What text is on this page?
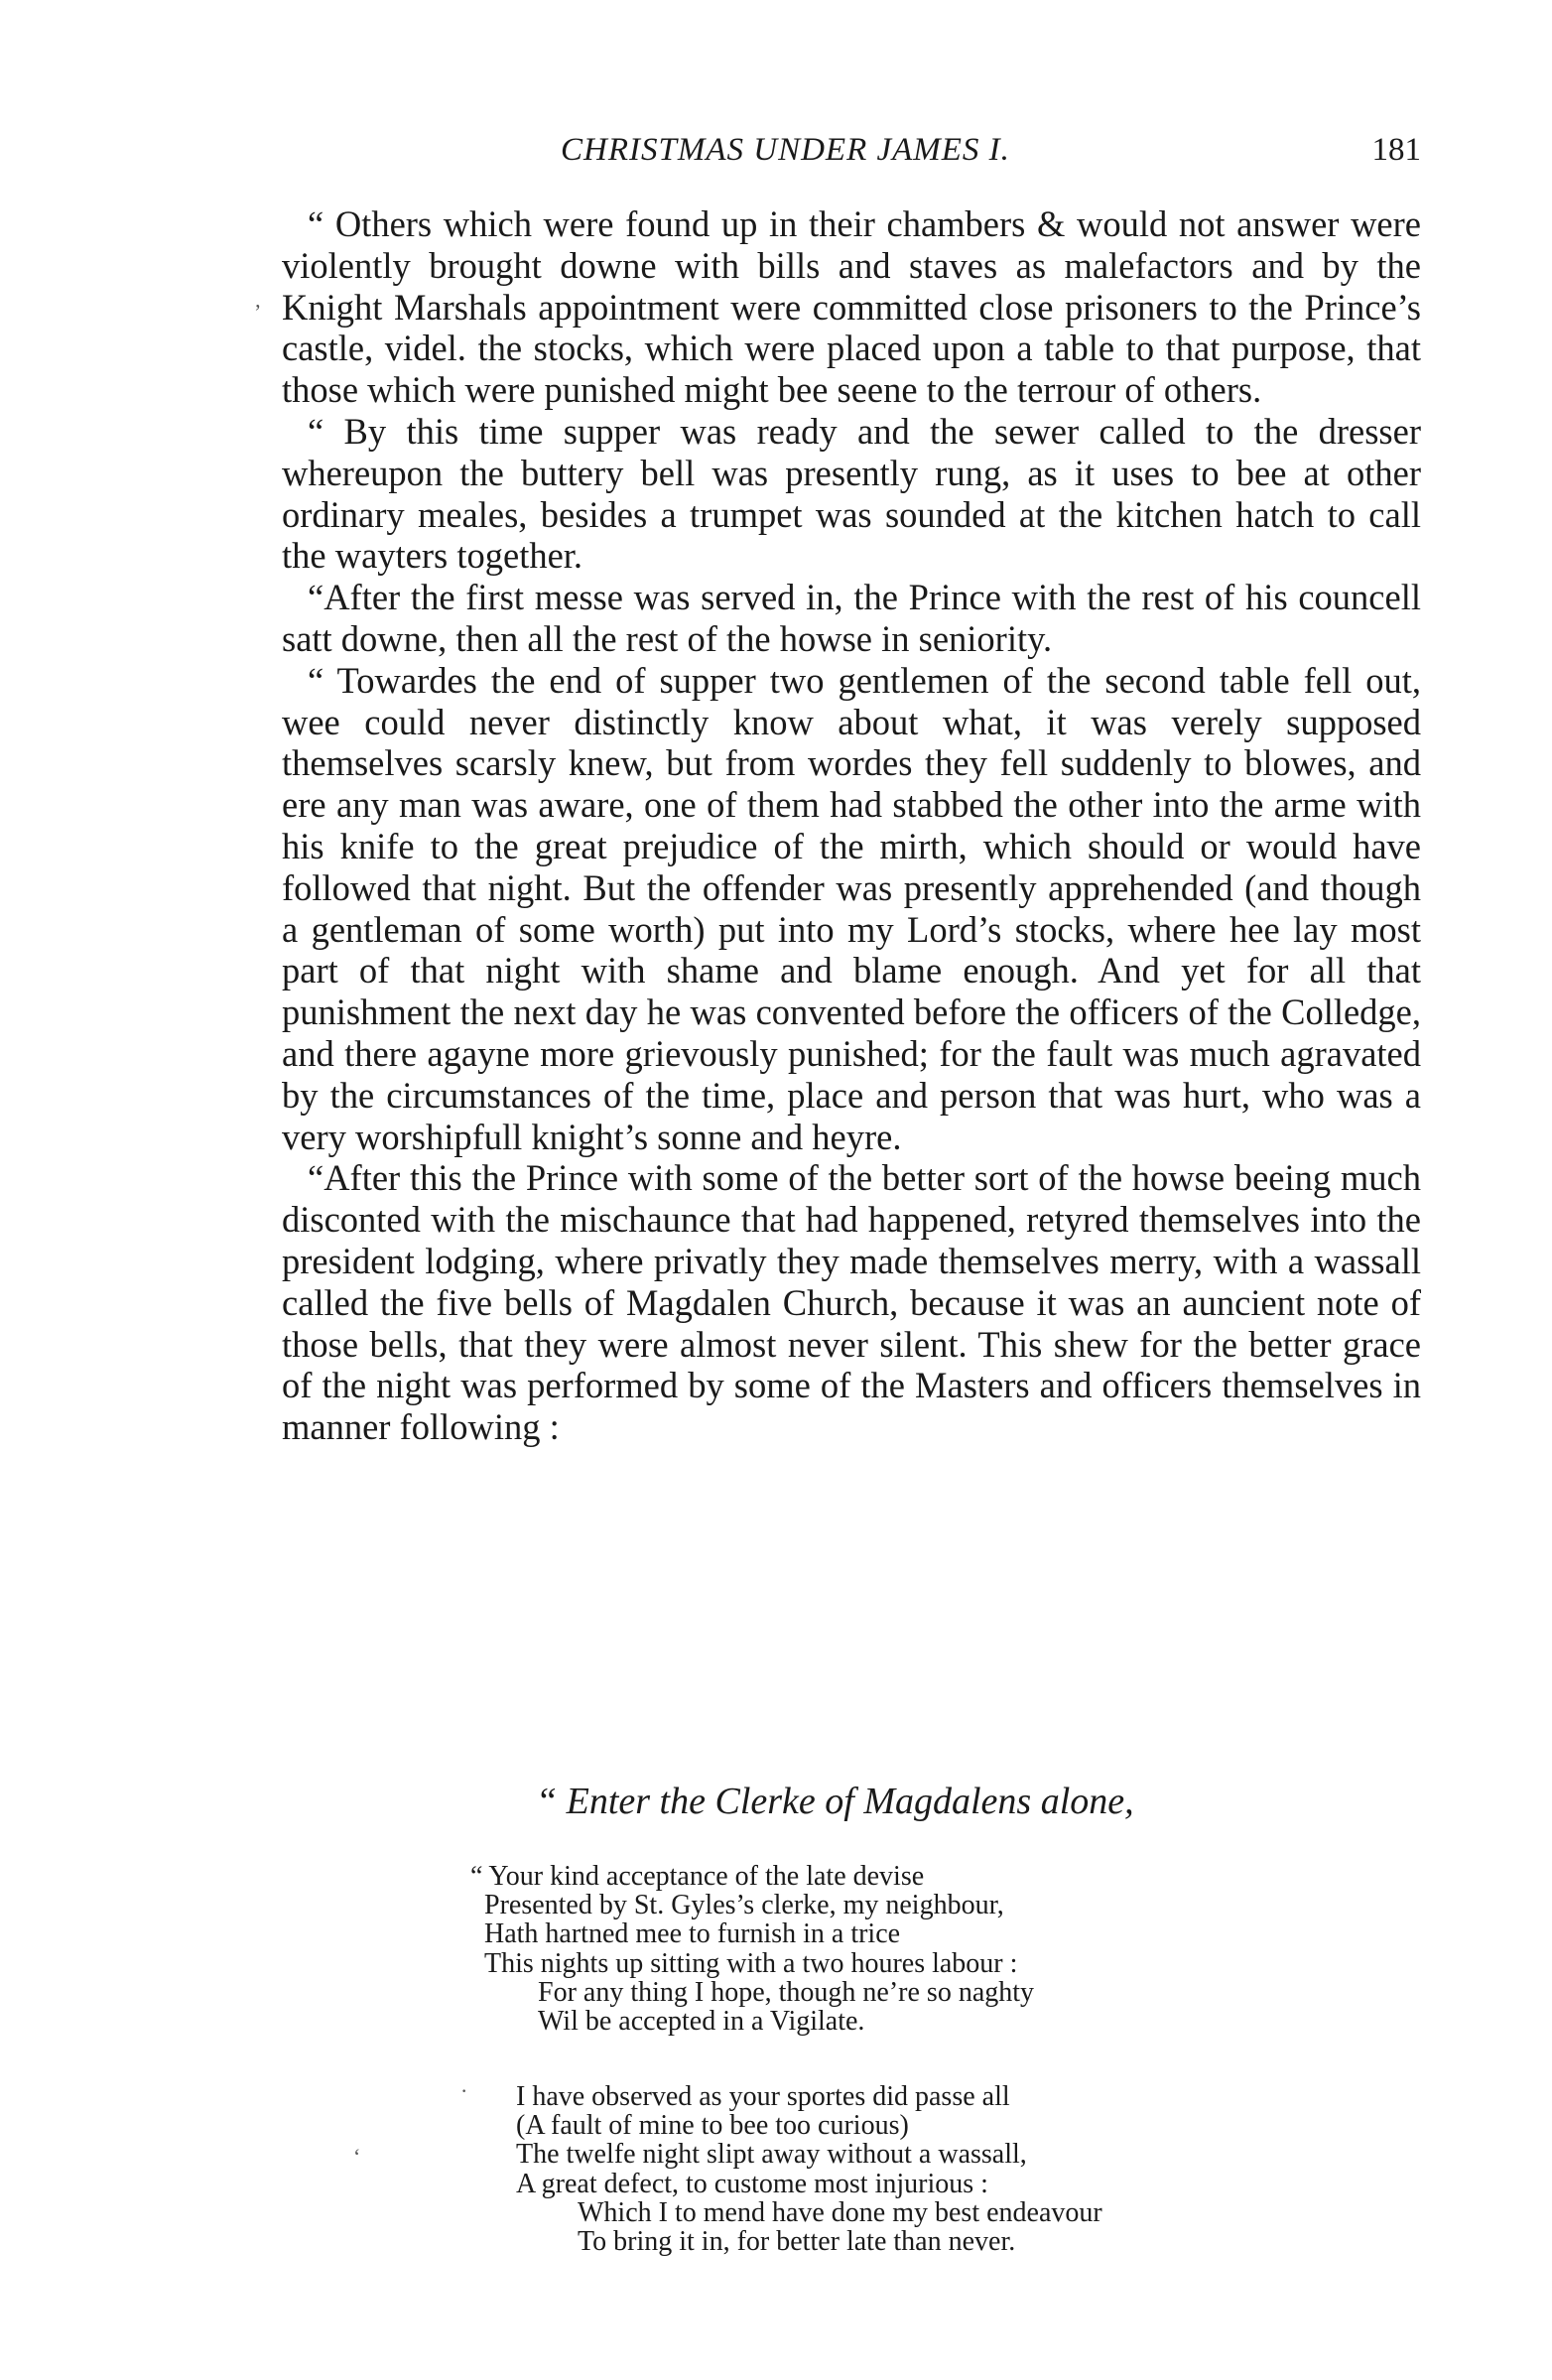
CHRISTMAS UNDER JAMES I.	181

“ Others which were found up in their chambers & would not answer were violently brought downe with bills and staves as malefactors and by the Knight Marshals appointment were committed close prisoners to the Prince’s castle, videl. the stocks, which were placed upon a table to that purpose, that those which were punished might bee seene to the terrour of others.

“ By this time supper was ready and the sewer called to the dresser whereupon the buttery bell was presently rung, as it uses to bee at other ordinary meales, besides a trumpet was sounded at the kitchen hatch to call the wayters together.

“After the first messe was served in, the Prince with the rest of his councell satt downe, then all the rest of the howse in seniority.

“ Towardes the end of supper two gentlemen of the second table fell out, wee could never distinctly know about what, it was verely supposed themselves scarsly knew, but from wordes they fell suddenly to blowes, and ere any man was aware, one of them had stabbed the other into the arme with his knife to the great prejudice of the mirth, which should or would have followed that night. But the offender was presently apprehended (and though a gentleman of some worth) put into my Lord’s stocks, where hee lay most part of that night with shame and blame enough. And yet for all that punishment the next day he was convented before the officers of the Colledge, and there agayne more grievously punished; for the fault was much agravated by the circumstances of the time, place and person that was hurt, who was a very worshipfull knight’s sonne and heyre.

“After this the Prince with some of the better sort of the howse beeing much disconted with the mischaunce that had happened, retyred themselves into the president lodging, where privatly they made themselves merry, with a wassall called the five bells of Magdalen Church, because it was an auncient note of those bells, that they were almost never silent. This shew for the better grace of the night was performed by some of the Masters and officers themselves in manner following :

“ Enter the Clerke of Magdalens alone,

“ Your kind acceptance of the late devise

Presented by St. Gyles’s clerke, my neighbour,

Hath hartned mee to furnish in a trice

This nights up sitting with a two houres labour :

For any thing I hope, though ne’re so naghty

Wil be accepted in a Vigilate.

I have observed as your sportes did passe all

(A fault of mine to bee too curious)

The twelfe night slipt away without a wassall,

A great defect, to custome most injurious :

Which I to mend have done my best endeavour

To bring it in, for better late than never.

ʼ
·
ʻ
